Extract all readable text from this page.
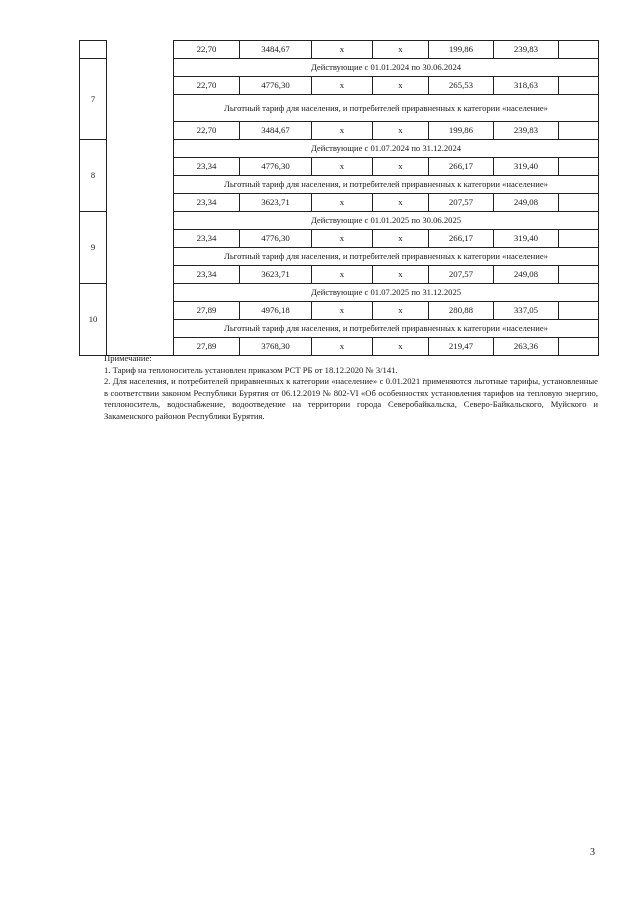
		22,70	3484,67	x	x	199,86	239,83	
7		Действующие с 01.01.2024 по 30.06.2024						
		22,70	4776,30	x	x	265,53	318,63	
		Льготный тариф для населения, и потребителей приравненных к категории «население»						
		22,70	3484,67	x	x	199,86	239,83	
8		Действующие с 01.07.2024 по 31.12.2024						
		23,34	4776,30	x	x	266,17	319,40	
		Льготный тариф для населения, и потребителей приравненных к категории «население»						
		23,34	3623,71	x	x	207,57	249,08	
9		Действующие с 01.01.2025 по 30.06.2025						
		23,34	4776,30	x	x	266,17	319,40	
		Льготный тариф для населения, и потребителей приравненных к категории «население»						
		23,34	3623,71	x	x	207,57	249,08	
10		Действующие с 01.07.2025 по 31.12.2025						
		27,89	4976,18	x	x	280,88	337,05	
		Льготный тариф для населения, и потребителей приравненных к категории «население»						
		27,89	3768,30	x	x	219,47	263,36	

Примечание:

1. Тариф на теплоноситель установлен приказом РСТ РБ от 18.12.2020 № 3/141.

2. Для населения, и потребителей приравненных к категории «население» с 0.01.2021 применяются льготные тарифы, установленные в соответствии законом Республики Бурятия от 06.12.2019 № 802-VI «Об особенностях установления тарифов на тепловую энергию, теплоноситель, водоснабжение, водоотведение на территории города Северобайкальска, Северо-Байкальского, Муйского и Закаменского районов Республики Бурятия.

3
